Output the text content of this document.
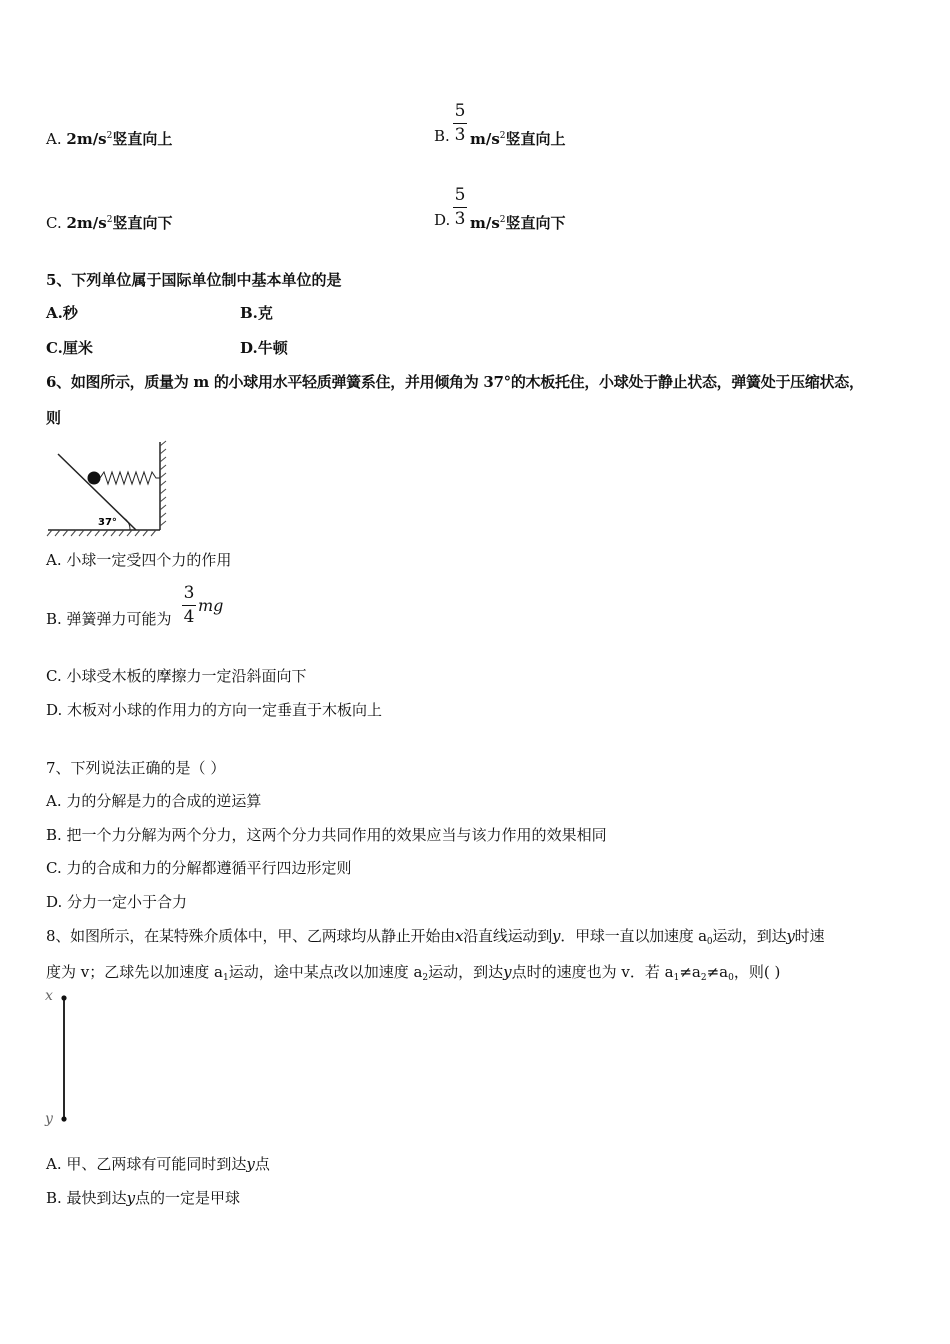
A. $2m/s^2$竖直向上	B.
5
3 $m/s^2$竖直向上
C. $2m/s^2$竖直向下	D.
5
3 $m/s^2$竖直向下
5、下列单位属于国际单位制中基本单位的是
A.秒	B.克
C.厘米	D.牛顿
6、如图所示，质量为 m 的小球用水平轻质弹簧系住，并用倾角为 37°的木板托住，小球处于静止状态，弹簧处于压缩状态，
则
37°
A. 小球一定受四个力的作用
B. 弹簧弹力可能为
3
4
mg
C. 小球受木板的摩擦力一定沿斜面向下
D. 木板对小球的作用力的方向一定垂直于木板向上
7、下列说法正确的是（ ）
A. 力的分解是力的合成的逆运算
B. 把一个力分解为两个分力，这两个分力共同作用的效果应当与该力作用的效果相同
C. 力的合成和力的分解都遵循平行四边形定则
D. 分力一定小于合力
8、如图所示，在某特殊介质体中，甲、乙两球均从静止开始由x沿直线运动到y．甲球一直以加速度 $a_0$运动，到达y时速
度为 v；乙球先以加速度 $a_1$运动，途中某点改以加速度 $a_2$运动，到达y点时的速度也为 v．若 $a_1\ne a_2\ne a_0$，则( )
x
y
A. 甲、乙两球有可能同时到达y点
B. 最快到达y点的一定是甲球
